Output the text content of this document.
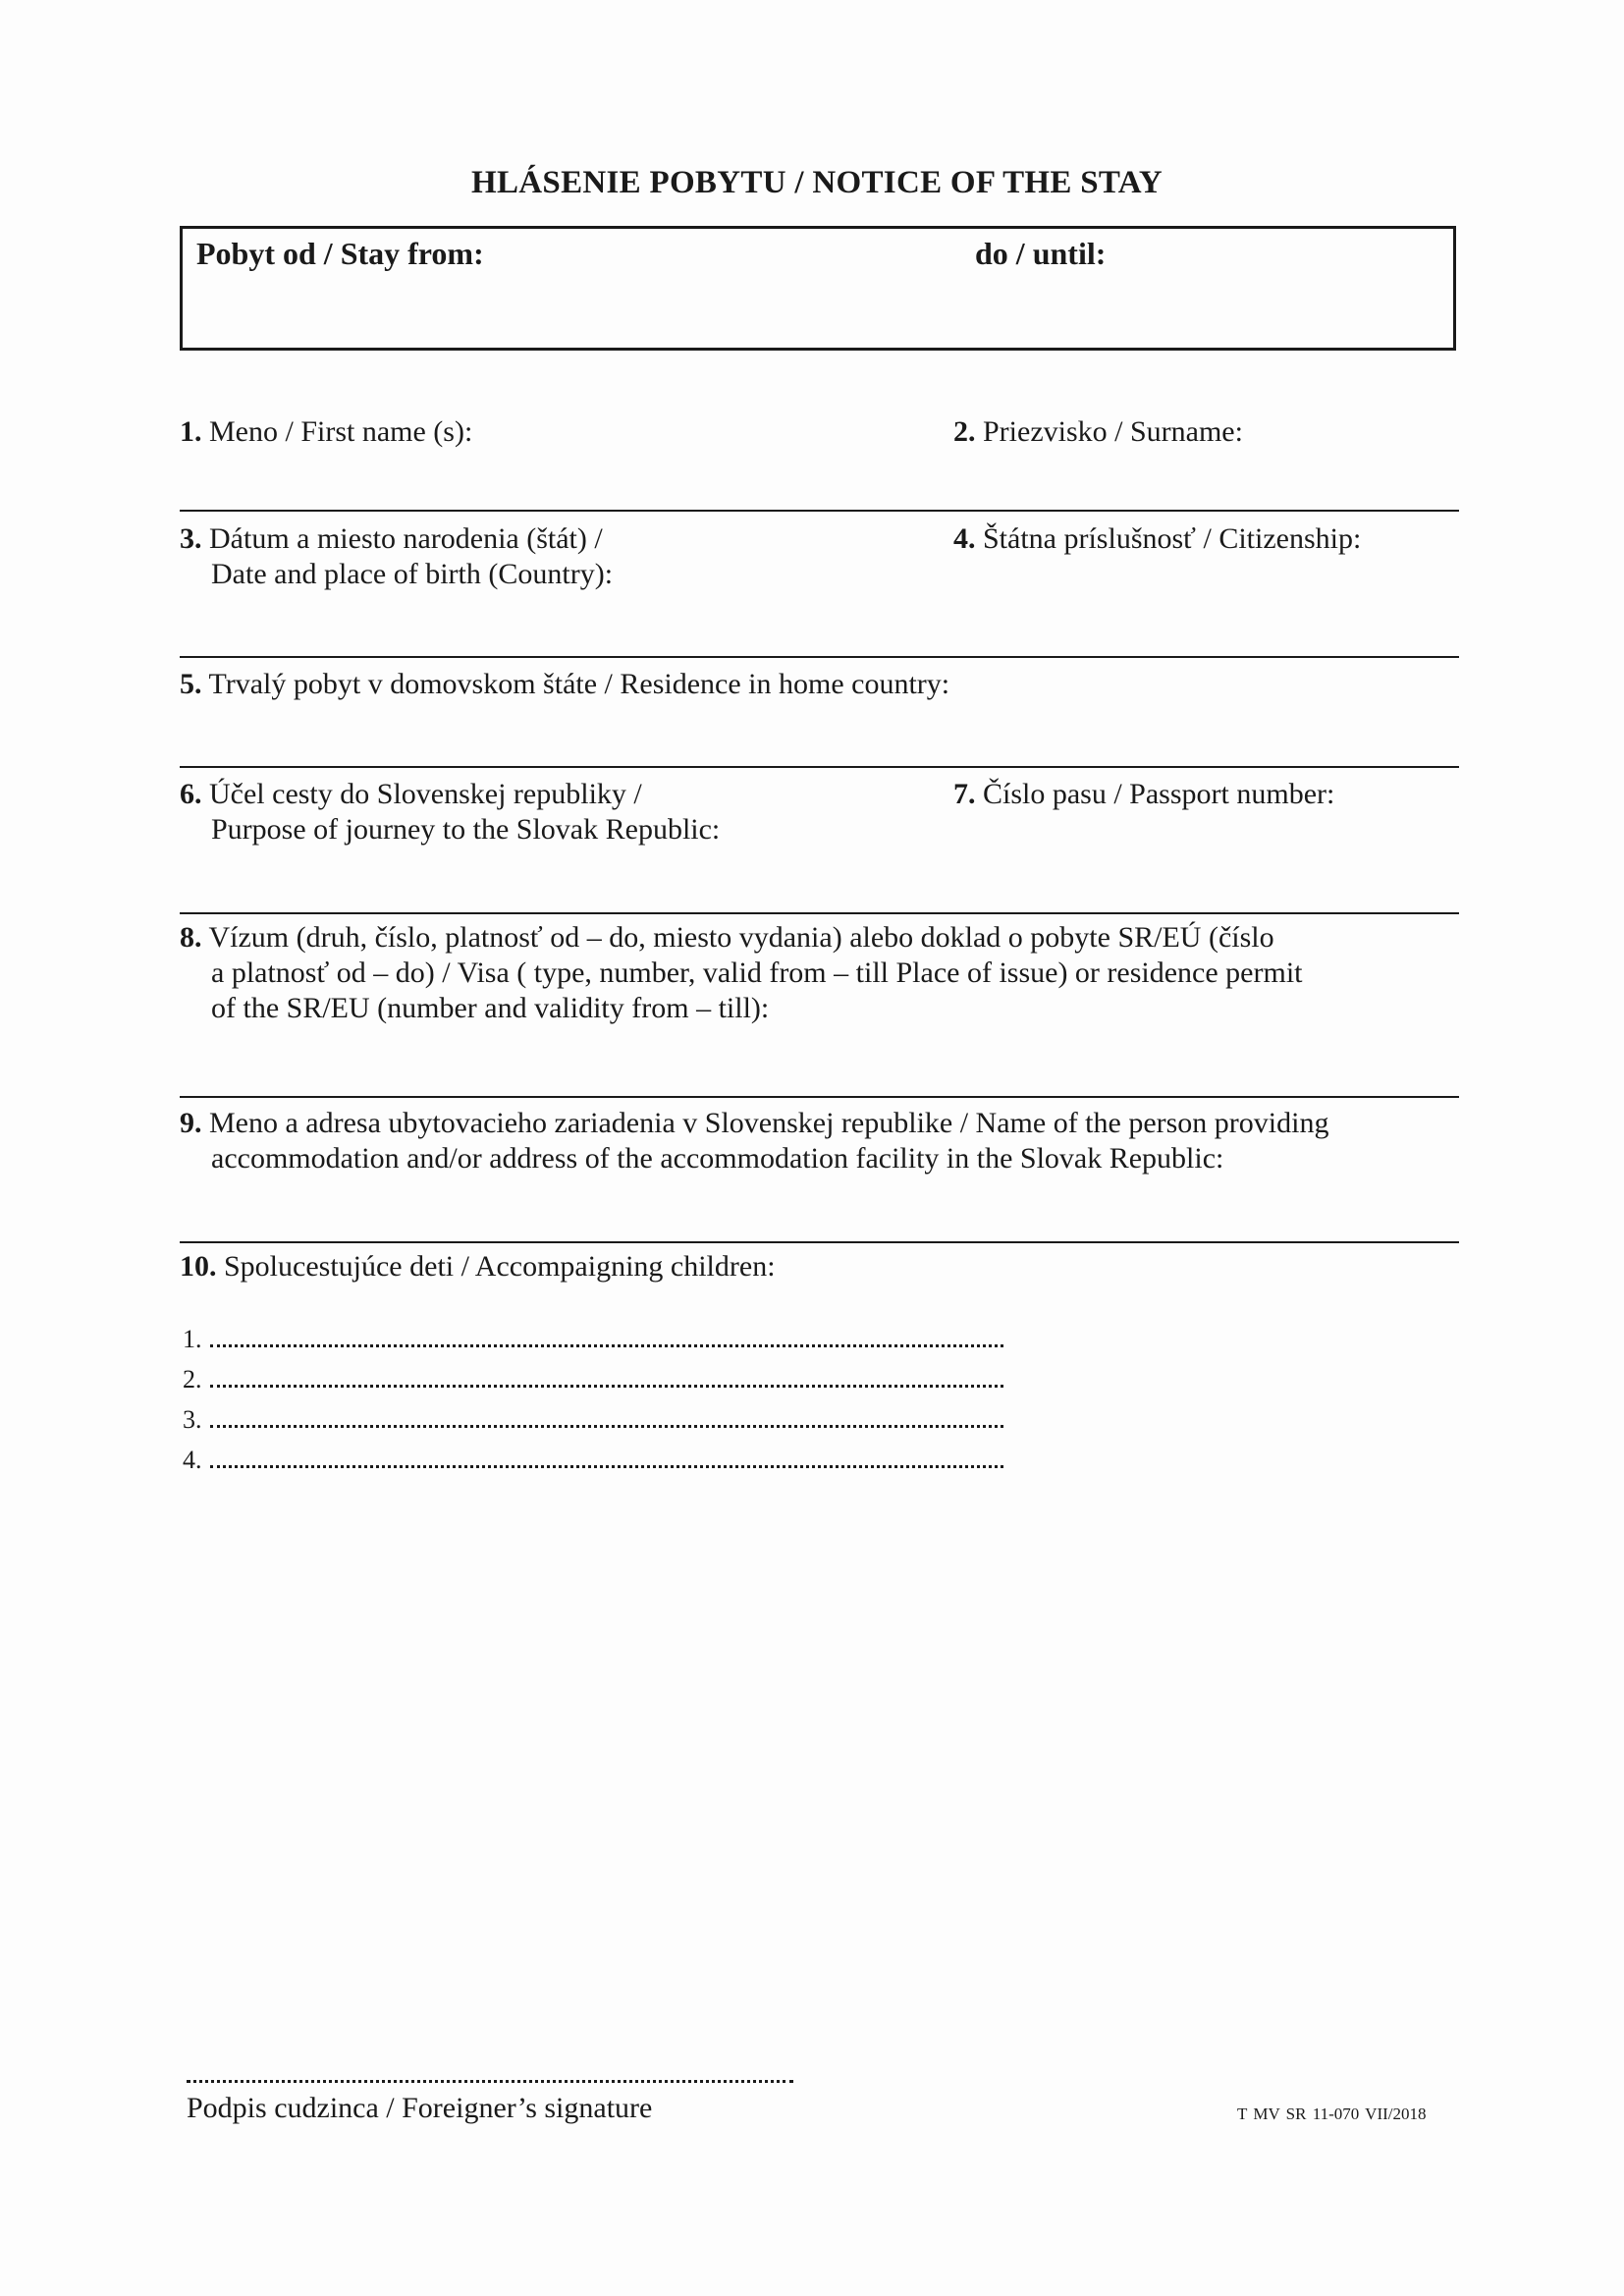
HLÁSENIE POBYTU / NOTICE OF THE STAY
Pobyt od / Stay from:	do / until:
1. Meno / First name (s):	2. Priezvisko / Surname:
3. Dátum a miesto narodenia (štát) /
Date and place of birth (Country):
4. Štátna príslušnosť / Citizenship:
5. Trvalý pobyt v domovskom štáte / Residence in home country:
6. Účel cesty do Slovenskej republiky /
Purpose of journey to the Slovak Republic:
7. Číslo pasu / Passport number:
8. Vízum (druh, číslo, platnosť od – do, miesto vydania) alebo doklad o pobyte SR/EÚ (číslo
a platnosť od – do) / Visa ( type, number, valid from – till Place of issue) or residence permit
of the SR/EU (number and validity from – till):
9. Meno a adresa ubytovacieho zariadenia v Slovenskej republike / Name of the person providing
accommodation and/or address of the accommodation facility in the Slovak Republic:
10. Spolucestujúce deti / Accompaigning children:
1.
2.
3.
4.
Podpis cudzinca / Foreigner’s signature	T MV SR 11-070 VII/2018
